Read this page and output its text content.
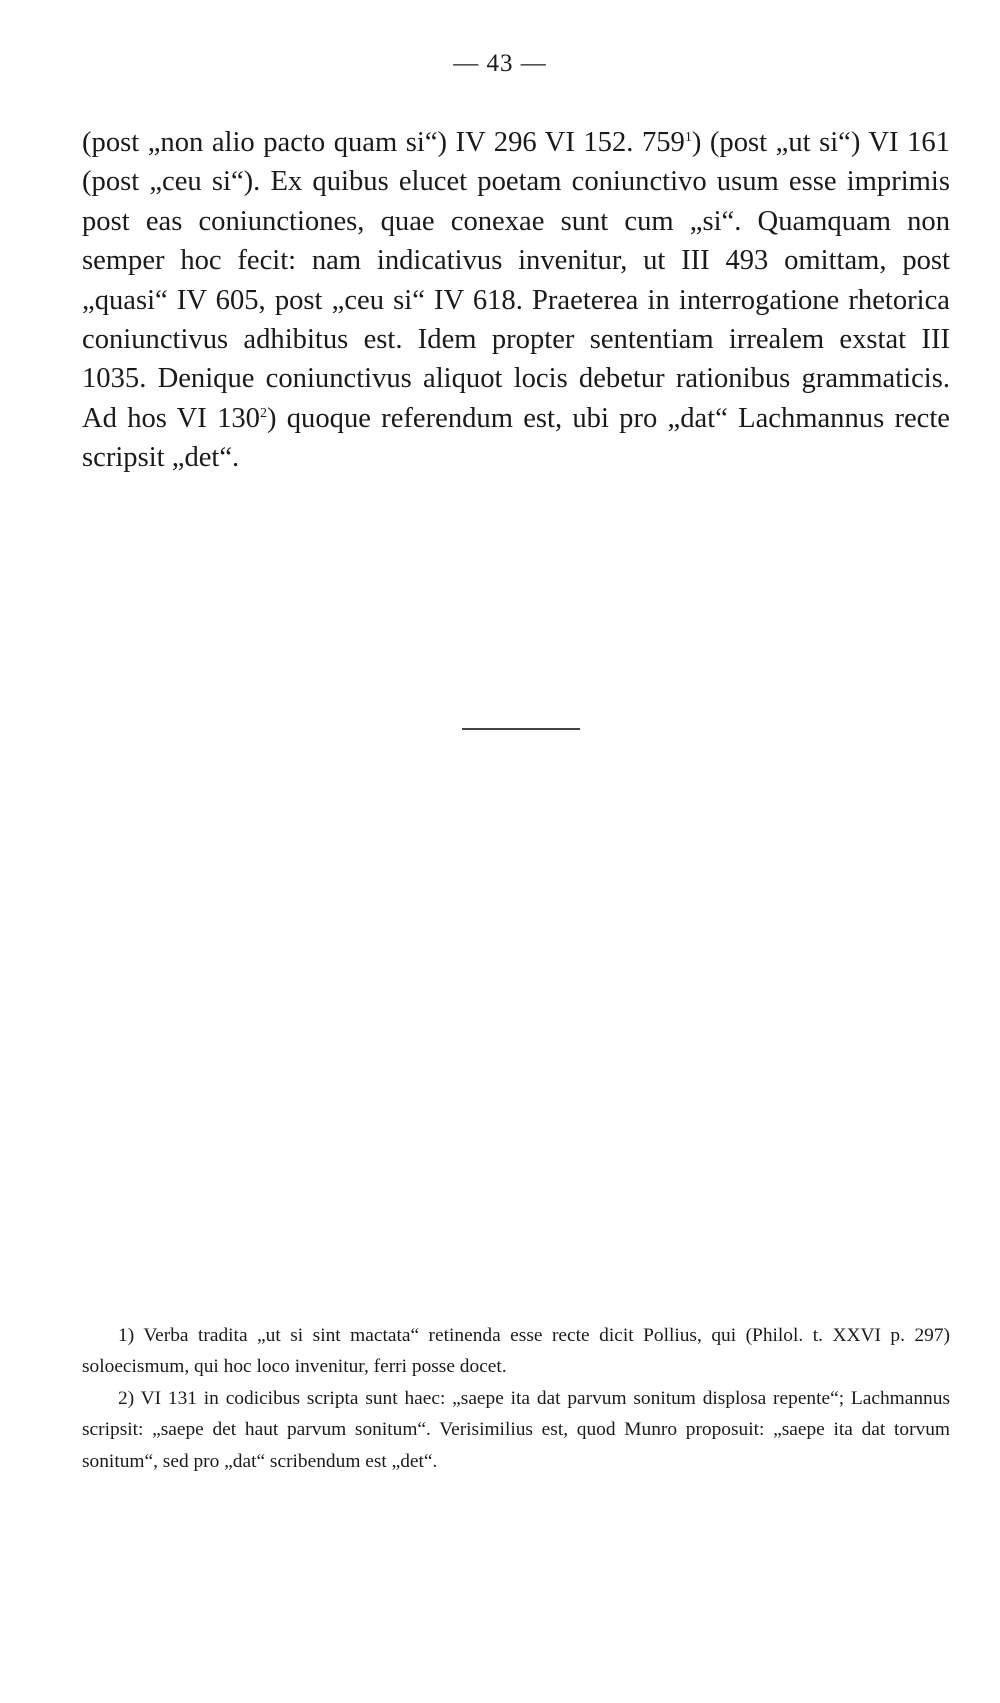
— 43 —

(post „non alio pacto quam si“) IV 296 VI 152. $759^1$) (post „ut si“) VI 161 (post „ceu si“). Ex quibus elucet poetam coniunctivo usum esse imprimis post eas coniunctiones, quae conexae sunt cum „si“. Quamquam non semper hoc fecit: nam indicativus invenitur, ut III 493 omittam, post „quasi“ IV 605, post „ceu si“ IV 618. Praeterea in interrogatione rhetorica coniunctivus adhibitus est. Idem propter sententiam irrealem exstat III 1035. Denique coniunctivus aliquot locis debetur rationibus grammaticis. Ad hos VI $130^2$) quoque referendum est, ubi pro „dat“ Lachmannus recte scripsit „det“.

1) Verba tradita „ut si sint mactata“ retinenda esse recte dicit Pollius, qui (Philol. t. XXVI p. 297) soloecismum, qui hoc loco invenitur, ferri posse docet.

2) VI 131 in codicibus scripta sunt haec: „saepe ita dat parvum sonitum displosa repente“; Lachmannus scripsit: „saepe det haut parvum sonitum“. Verisimilius est, quod Munro proposuit: „saepe ita dat torvum sonitum“, sed pro „dat“ scribendum est „det“.
